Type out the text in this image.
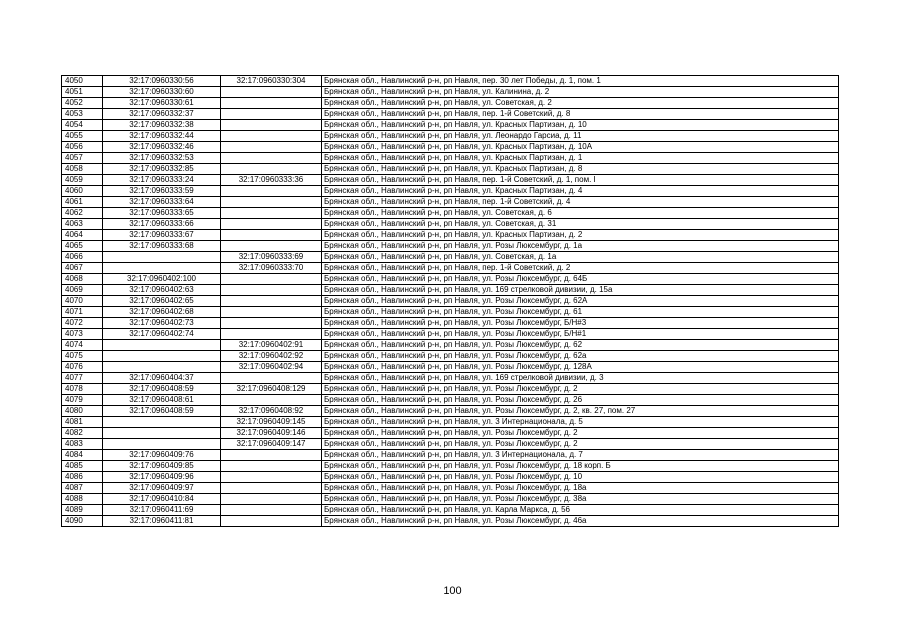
4050	32:17:0960330:56	32:17:0960330:304	Брянская обл., Навлинский р-н, рп Навля, пер. 30 лет Победы, д. 1, пом. 1
4051	32:17:0960330:60		Брянская обл., Навлинский р-н, рп Навля, ул. Калинина, д. 2
4052	32:17:0960330:61		Брянская обл., Навлинский р-н, рп Навля, ул. Советская, д. 2
4053	32:17:0960332:37		Брянская обл., Навлинский р-н, рп Навля, пер. 1-й Советский, д. 8
4054	32:17:0960332:38		Брянская обл., Навлинский р-н, рп Навля, ул. Красных Партизан, д. 10
4055	32:17:0960332:44		Брянская обл., Навлинский р-н, рп Навля, ул. Леонардо Гарсиа, д. 11
4056	32:17:0960332:46		Брянская обл., Навлинский р-н, рп Навля, ул. Красных Партизан, д. 10А
4057	32:17:0960332:53		Брянская обл., Навлинский р-н, рп Навля, ул. Красных Партизан, д. 1
4058	32:17:0960332:85		Брянская обл., Навлинский р-н, рп Навля, ул. Красных Партизан, д. 8
4059	32:17:0960333:24	32:17:0960333:36	Брянская обл., Навлинский р-н, рп Навля, пер. 1-й Советский, д. 1, пом. I
4060	32:17:0960333:59		Брянская обл., Навлинский р-н, рп Навля, ул. Красных Партизан, д. 4
4061	32:17:0960333:64		Брянская обл., Навлинский р-н, рп Навля, пер. 1-й Советский, д. 4
4062	32:17:0960333:65		Брянская обл., Навлинский р-н, рп Навля, ул. Советская, д. 6
4063	32:17:0960333:66		Брянская обл., Навлинский р-н, рп Навля, ул. Советская, д. 31
4064	32:17:0960333:67		Брянская обл., Навлинский р-н, рп Навля, ул. Красных Партизан, д. 2
4065	32:17:0960333:68		Брянская обл., Навлинский р-н, рп Навля, ул. Розы Люксембург, д. 1а
4066		32:17:0960333:69	Брянская обл., Навлинский р-н, рп Навля, ул. Советская, д. 1а
4067		32:17:0960333:70	Брянская обл., Навлинский р-н, рп Навля, пер. 1-й Советский, д. 2
4068	32:17:0960402:100		Брянская обл., Навлинский р-н, рп Навля, ул. Розы Люксембург, д. 64Б
4069	32:17:0960402:63		Брянская обл., Навлинский р-н, рп Навля, ул. 169 стрелковой дивизии, д. 15а
4070	32:17:0960402:65		Брянская обл., Навлинский р-н, рп Навля, ул. Розы Люксембург, д. 62А
4071	32:17:0960402:68		Брянская обл., Навлинский р-н, рп Навля, ул. Розы Люксембург, д. 61
4072	32:17:0960402:73		Брянская обл., Навлинский р-н, рп Навля, ул. Розы Люксембург, Б/Н#3
4073	32:17:0960402:74		Брянская обл., Навлинский р-н, рп Навля, ул. Розы Люксембург, Б/Н#1
4074		32:17:0960402:91	Брянская обл., Навлинский р-н, рп Навля, ул. Розы Люксембург, д. 62
4075		32:17:0960402:92	Брянская обл., Навлинский р-н, рп Навля, ул. Розы Люксембург, д. 62а
4076		32:17:0960402:94	Брянская обл., Навлинский р-н, рп Навля, ул. Розы Люксембург, д. 128А
4077	32:17:0960404:37		Брянская обл., Навлинский р-н, рп Навля, ул. 169 стрелковой дивизии, д. 3
4078	32:17:0960408:59	32:17:0960408:129	Брянская обл., Навлинский р-н, рп Навля, ул. Розы Люксембург, д. 2
4079	32:17:0960408:61		Брянская обл., Навлинский р-н, рп Навля, ул. Розы Люксембург, д. 26
4080	32:17:0960408:59	32:17:0960408:92	Брянская обл., Навлинский р-н, рп Навля, ул. Розы Люксембург, д. 2, кв. 27, пом. 27
4081		32:17:0960409:145	Брянская обл., Навлинский р-н, рп Навля, ул. 3 Интернационала, д. 5
4082		32:17:0960409:146	Брянская обл., Навлинский р-н, рп Навля, ул. Розы Люксембург, д. 2
4083		32:17:0960409:147	Брянская обл., Навлинский р-н, рп Навля, ул. Розы Люксембург, д. 2
4084	32:17:0960409:76		Брянская обл., Навлинский р-н, рп Навля, ул. 3 Интернационала, д. 7
4085	32:17:0960409:85		Брянская обл., Навлинский р-н, рп Навля, ул. Розы Люксембург, д. 18 корп. Б
4086	32:17:0960409:96		Брянская обл., Навлинский р-н, рп Навля, ул. Розы Люксембург, д. 10
4087	32:17:0960409:97		Брянская обл., Навлинский р-н, рп Навля, ул. Розы Люксембург, д. 18а
4088	32:17:0960410:84		Брянская обл., Навлинский р-н, рп Навля, ул. Розы Люксембург, д. 38а
4089	32:17:0960411:69		Брянская обл., Навлинский р-н, рп Навля, ул. Карла Маркса, д. 56
4090	32:17:0960411:81		Брянская обл., Навлинский р-н, рп Навля, ул. Розы Люксембург, д. 46а
100
